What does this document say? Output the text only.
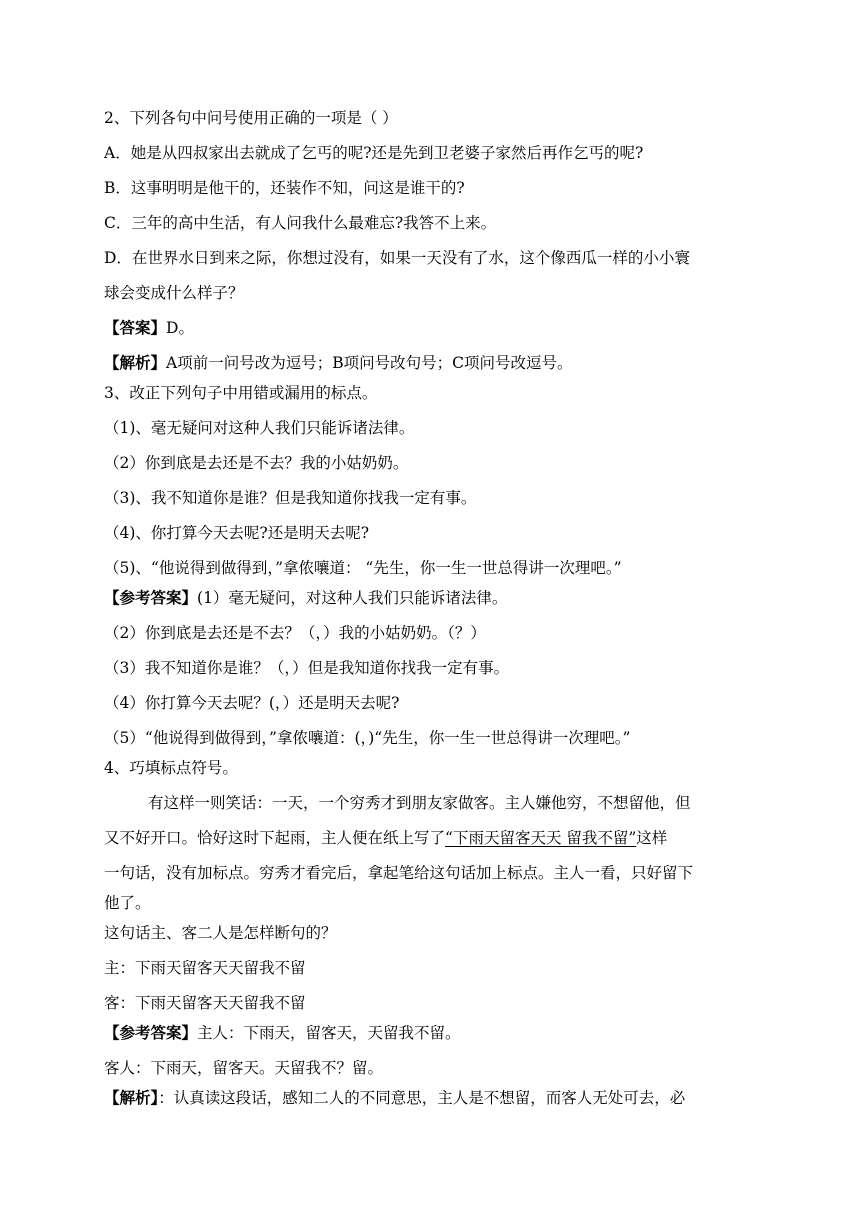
2、下列各句中问号使用正确的一项是（ ）
A．她是从四叔家出去就成了乞丐的呢?还是先到卫老婆子家然后再作乞丐的呢?
B．这事明明是他干的，还装作不知，问这是谁干的?
C．三年的高中生活，有人问我什么最难忘?我答不上来。
D．在世界水日到来之际，你想过没有，如果一天没有了水，这个像西瓜一样的小小寰
球会变成什么样子？
【答案】D。
【解析】A项前一问号改为逗号；B项问号改句号；C项问号改逗号。
3、改正下列句子中用错或漏用的标点。
（1)、毫无疑问对这种人我们只能诉诸法律。
（2）你到底是去还是不去？我的小姑奶奶。
（3)、我不知道你是谁？但是我知道你找我一定有事。
（4)、你打算今天去呢?还是明天去呢?
（5)、“他说得到做得到，”拿侬嚷道： “先生，你一生一世总得讲一次理吧。”
【参考答案】(1）毫无疑问，对这种人我们只能诉诸法律。
（2）你到底是去还是不去？（，）我的小姑奶奶。（？）
（3）我不知道你是谁？（，）但是我知道你找我一定有事。
（4）你打算今天去呢？(，）还是明天去呢?
（5）“他说得到做得到，”拿侬嚷道：(，)“先生，你一生一世总得讲一次理吧。”
4、巧填标点符号。
有这样一则笑话：一天，一个穷秀才到朋友家做客。主人嫌他穷，不想留他，但
又不好开口。恰好这时下起雨，主人便在纸上写了“下雨天留客天天 留我不留”这样
一句话，没有加标点。穷秀才看完后，拿起笔给这句话加上标点。主人一看，只好留下
他了。
这句话主、客二人是怎样断句的？
主：下雨天留客天天留我不留
客：下雨天留客天天留我不留
【参考答案】主人：下雨天，留客天，天留我不留。
客人：下雨天，留客天。天留我不？留。
【解析】：认真读这段话，感知二人的不同意思，主人是不想留，而客人无处可去，必
